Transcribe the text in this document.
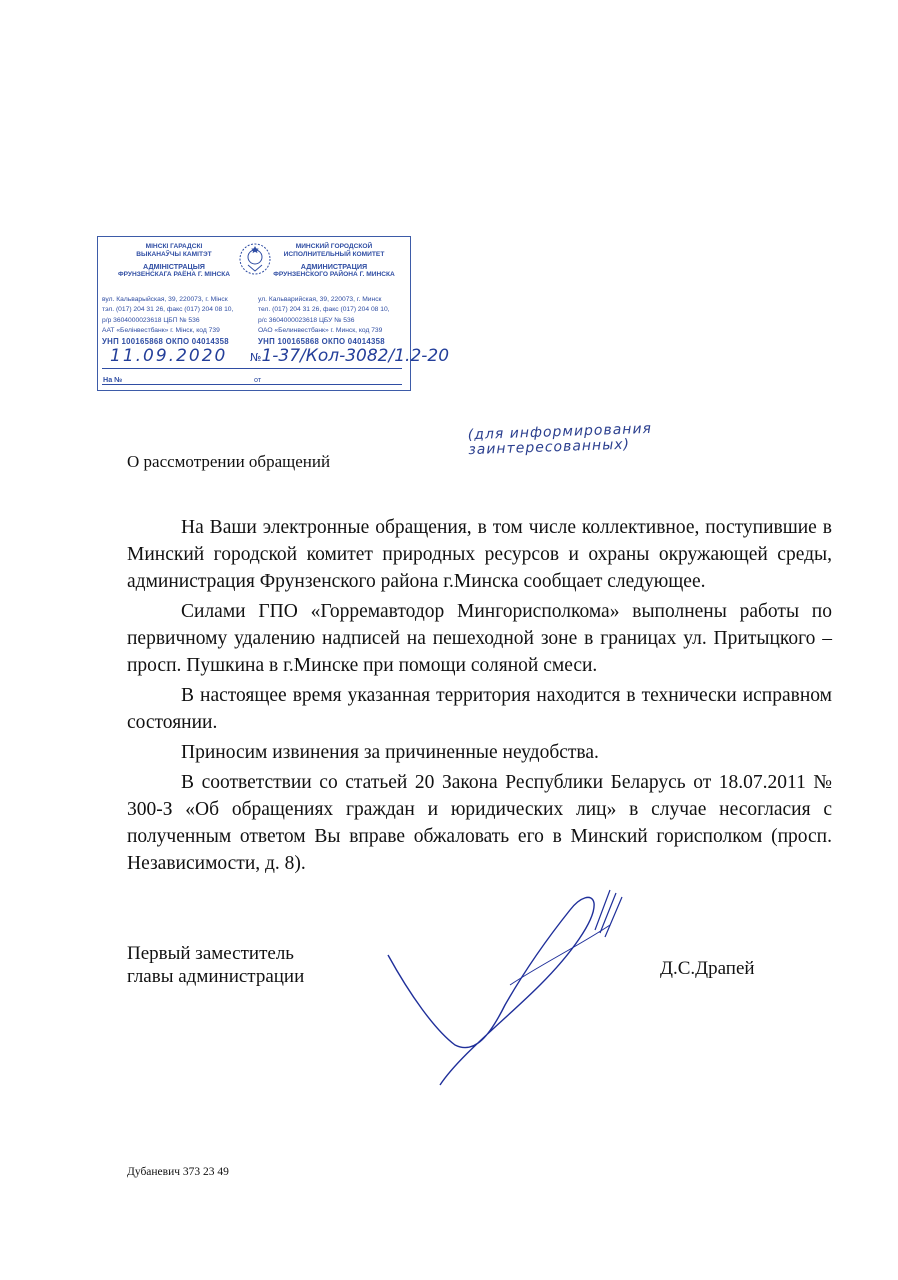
МІНСКІ ГАРАДСКІ
ВЫКАНАЎЧЫ КАМІТЭТ
АДМІНІСТРАЦЫЯ
ФРУНЗЕНСКАГА РАЁНА Г. МІНСКА
МИНСКИЙ ГОРОДСКОЙ
ИСПОЛНИТЕЛЬНЫЙ КОМИТЕТ
АДМИНИСТРАЦИЯ
ФРУНЗЕНСКОГО РАЙОНА Г. МИНСКА
вул. Кальварыйская, 39, 220073, г. Мінск
тэл. (017) 204 31 26, факс (017) 204 08 10,
р/р 3604000023618 ЦБП № 536
ААТ «Белінвестбанк» г. Мінск, код 739
УНП 100165868 ОКПО 04014358
ул. Кальварийская, 39, 220073, г. Минск
тел. (017) 204 31 26, факс (017) 204 08 10,
р/с 3604000023618 ЦБУ № 536
ОАО «Белинвестбанк» г. Минск, код 739
УНП 100165868 ОКПО 04014358
11.09.2020 №1-37/Кол-3082/1.2-20
На №	от
(для информирования заинтересованных)
О рассмотрении обращений

На Ваши электронные обращения, в том числе коллективное, поступившие в Минский городской комитет природных ресурсов и охраны окружающей среды, администрация Фрунзенского района г.Минска сообщает следующее.

Силами ГПО «Горремавтодор Мингорисполкома» выполнены работы по первичному удалению надписей на пешеходной зоне в границах ул. Притыцкого – просп. Пушкина в г.Минске при помощи соляной смеси.

В настоящее время указанная территория находится в технически исправном состоянии.

Приносим извинения за причиненные неудобства.

В соответствии со статьей 20 Закона Республики Беларусь от 18.07.2011 № 300-З «Об обращениях граждан и юридических лиц» в случае несогласия с полученным ответом Вы вправе обжаловать его в Минский горисполком (просп. Независимости, д. 8).

Первый заместитель
главы администрации	Д.С.Драпей
Дубаневич 373 23 49
